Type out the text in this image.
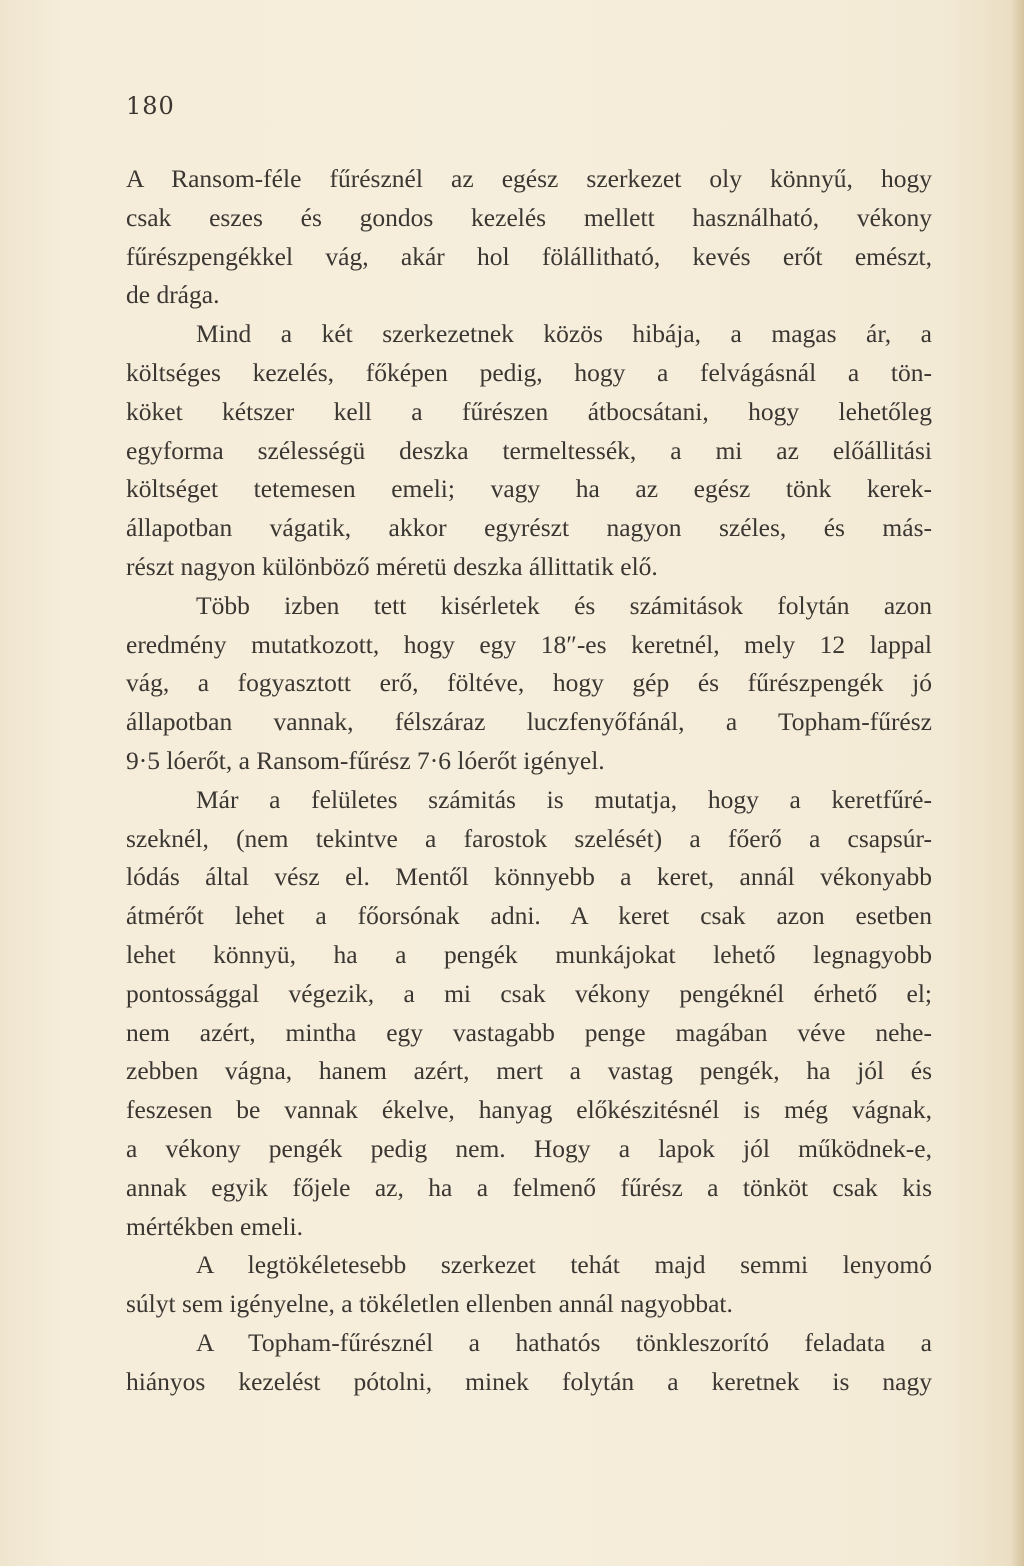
180
A Ransom-féle fűrésznél az egész szerkezet oly könnyű, hogy
csak eszes és gondos kezelés mellett használható, vékony
fűrészpengékkel vág, akár hol fölállitható, kevés erőt emészt,
de drága.
Mind a két szerkezetnek közös hibája, a magas ár, a
költséges kezelés, főképen pedig, hogy a felvágásnál a tön-
köket kétszer kell a fűrészen átbocsátani, hogy lehetőleg
egyforma szélességü deszka termeltessék, a mi az előállitási
költséget tetemesen emeli; vagy ha az egész tönk kerek-
állapotban vágatik, akkor egyrészt nagyon széles, és más-
részt nagyon különböző méretü deszka állittatik elő.
Több izben tett kisérletek és számitások folytán azon
eredmény mutatkozott, hogy egy 18″-es keretnél, mely 12 lappal
vág, a fogyasztott erő, föltéve, hogy gép és fűrészpengék jó
állapotban vannak, félszáraz luczfenyőfánál, a Topham-fűrész
9·5 lóerőt, a Ransom-fűrész 7·6 lóerőt igényel.
Már a felületes számitás is mutatja, hogy a keretfűré-
szeknél, (nem tekintve a farostok szelését) a főerő a csapsúr-
lódás által vész el. Mentől könnyebb a keret, annál vékonyabb
átmérőt lehet a főorsónak adni. A keret csak azon esetben
lehet könnyü, ha a pengék munkájokat lehető legnagyobb
pontossággal végezik, a mi csak vékony pengéknél érhető el;
nem azért, mintha egy vastagabb penge magában véve nehe-
zebben vágna, hanem azért, mert a vastag pengék, ha jól és
feszesen be vannak ékelve, hanyag előkészitésnél is még vágnak,
a vékony pengék pedig nem. Hogy a lapok jól működnek-e,
annak egyik főjele az, ha a felmenő fűrész a tönköt csak kis
mértékben emeli.
A legtökéletesebb szerkezet tehát majd semmi lenyomó
súlyt sem igényelne, a tökéletlen ellenben annál nagyobbat.
A Topham-fűrésznél a hathatós tönkleszorító feladata a
hiányos kezelést pótolni, minek folytán a keretnek is nagy
